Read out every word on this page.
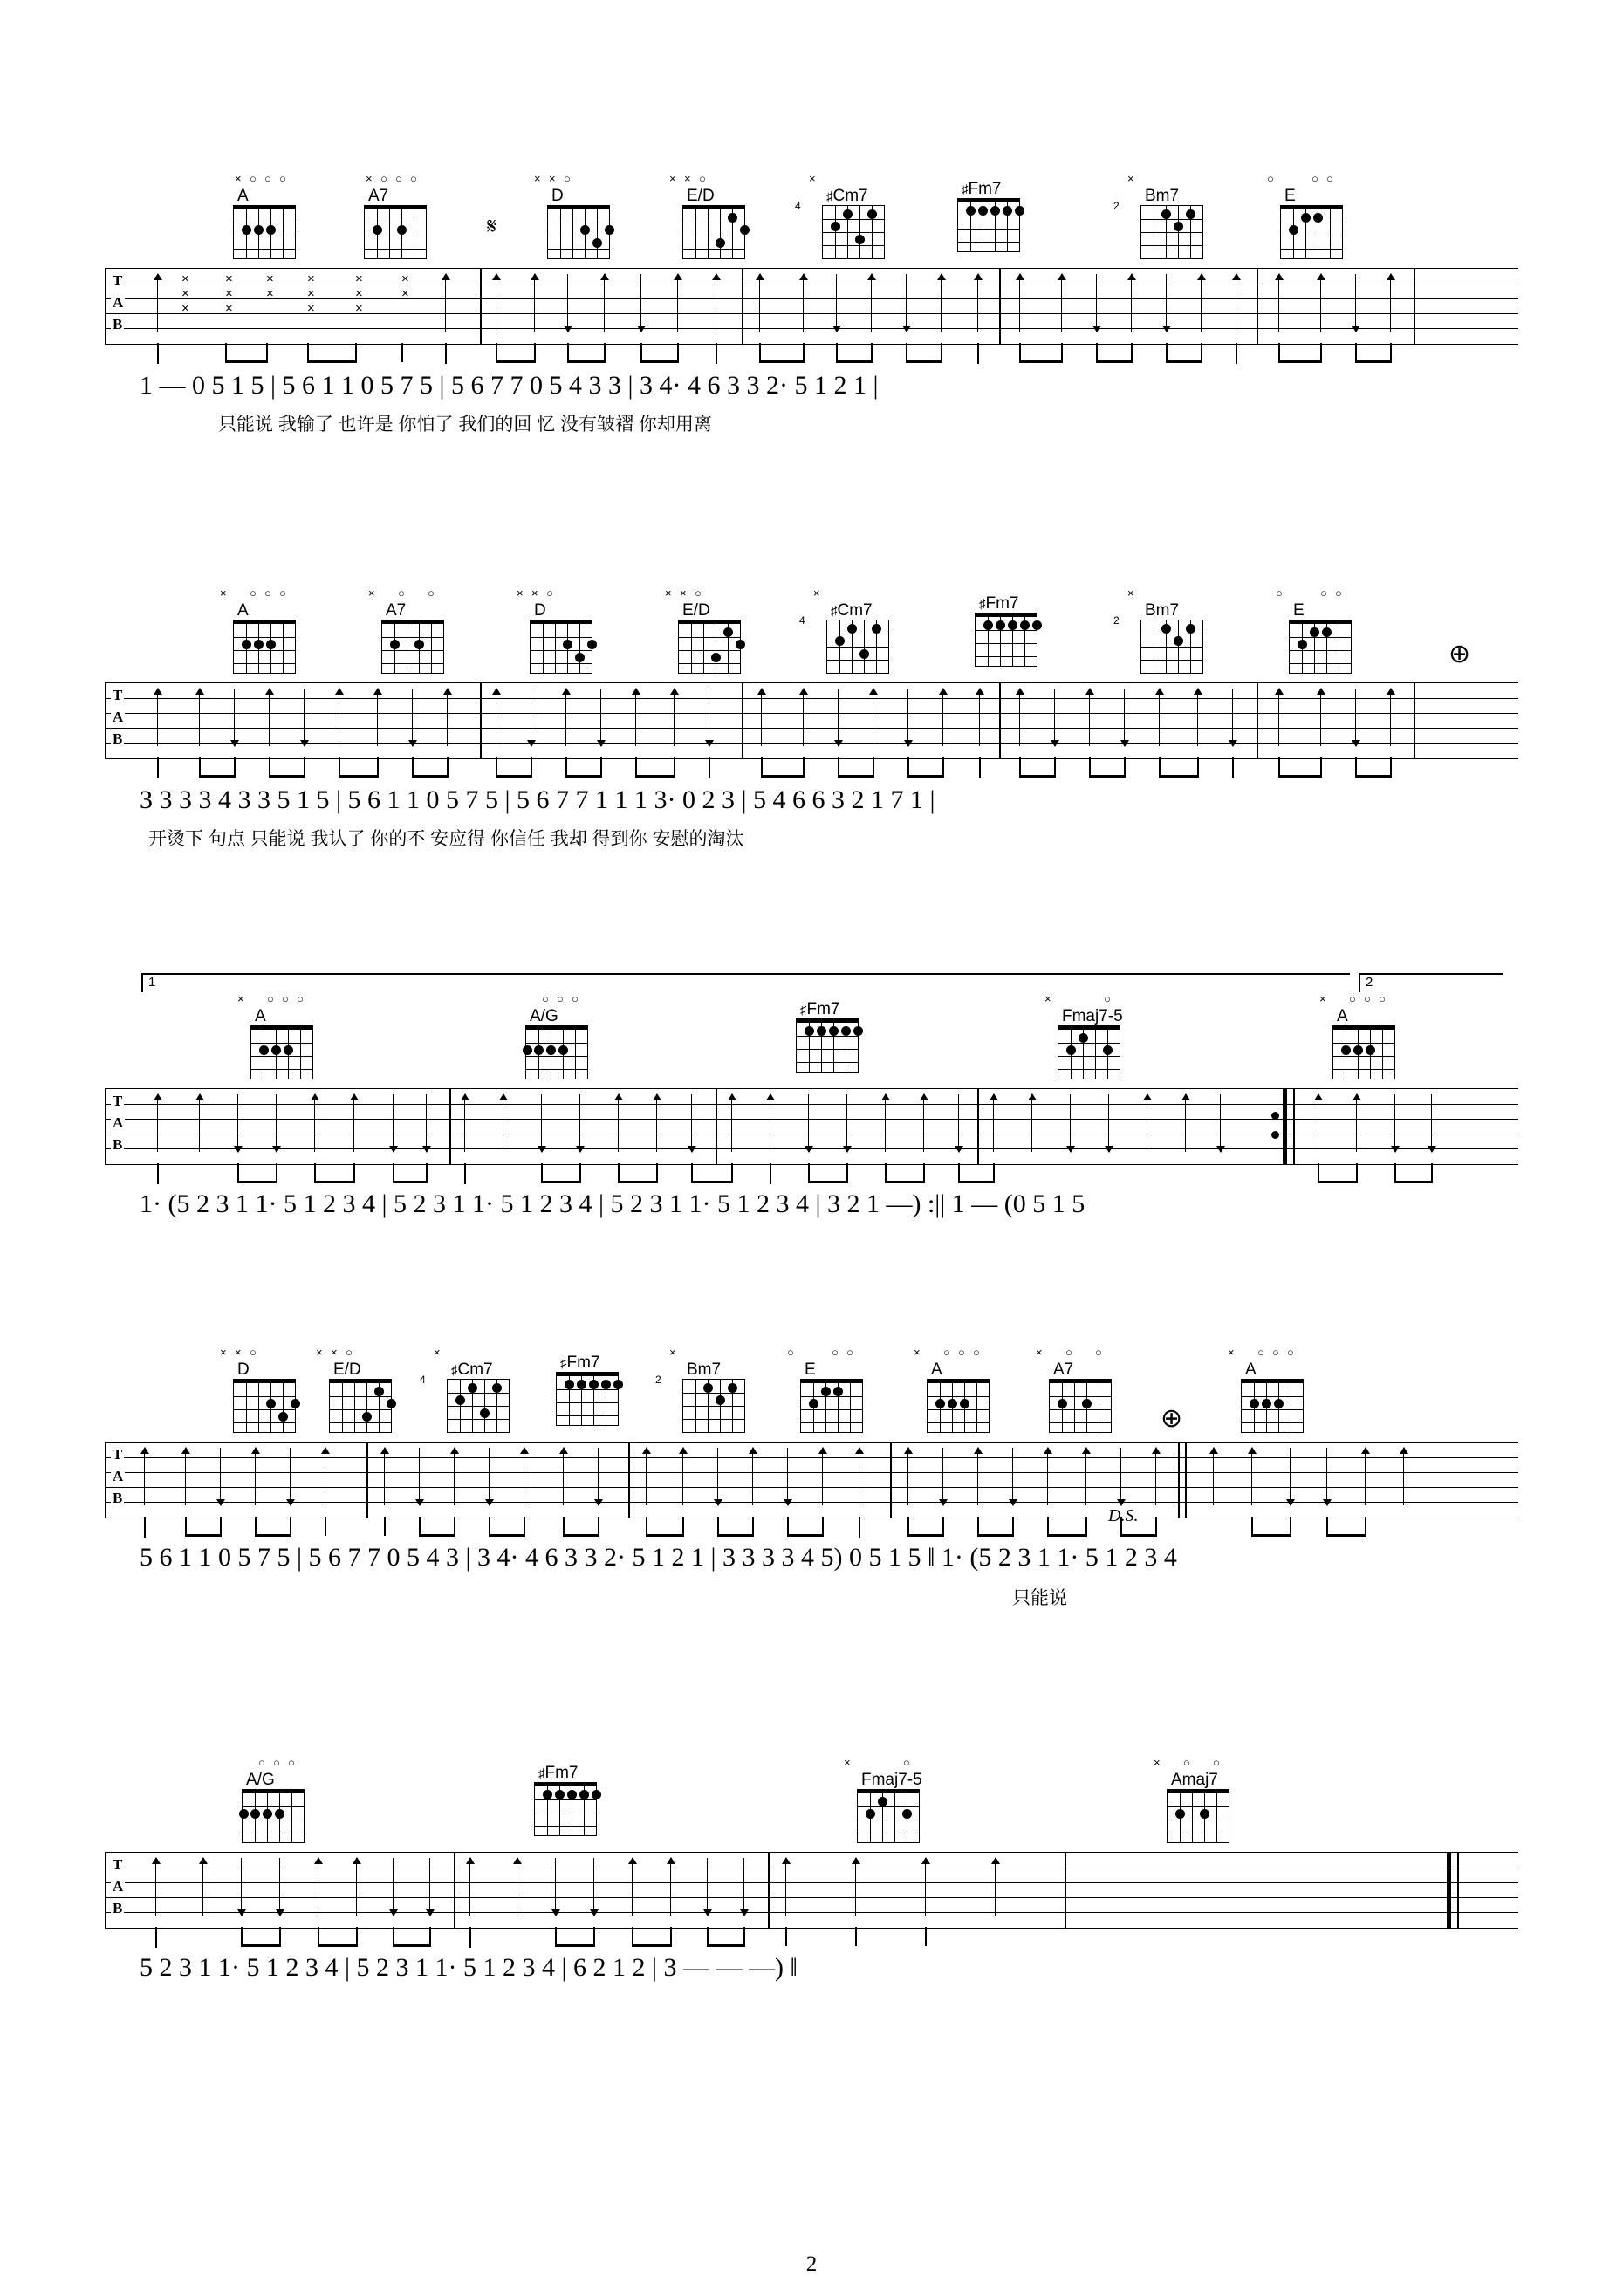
A
× ○ ○ ○
A7
× ○ ○ ○
D
× × ○
E/D
× × ○
♯Cm7
×
4
♯Fm7	Bm7
×
2
E
○	○ ○
𝄋
T
A
B
×
×
×
×
×
×
×
×
×
×
×
×
×
×
×
×
1 — 0 5 1 5 | 5 6 1 1 0 5 7 5 | 5 6 7 7 0 5 4 3 3 | 3 4· 4 6 3 3 2· 5 1 2 1 |
只能说 我输了 也许是 你怕了 我们的回 忆 没有皱褶 你却用离
A
× ○ ○ ○
A7
× ○ ○
D
× × ○
E/D
× × ○
♯Cm7
×
4
♯Fm7	Bm7
×
2
E
○	○ ○
⊕
T
A
B
3 3 3 3 4 3 3 5 1 5 | 5 6 1 1 0 5 7 5 | 5 6 7 7 1 1 1 3· 0 2 3 | 5 4 6 6 3 2 1 7 1 |
开烫下 句点 只能说 我认了 你的不 安应得 你信任 我却 得到你 安慰的淘汰
1	2
A
× ○ ○ ○
A/G
○ ○ ○
♯Fm7	Fmaj7-5
×	○
A
× ○ ○ ○
T
A
B
1· (5 2 3 1 1· 5 1 2 3 4 | 5 2 3 1 1· 5 1 2 3 4 | 5 2 3 1 1· 5 1 2 3 4 | 3 2 1 —) :|| 1 — (0 5 1 5
D
× × ○
E/D
× × ○
♯Cm7
×
4
♯Fm7	Bm7
×
2
E
○	○ ○
A
× ○ ○ ○
A7
× ○ ○
⊕
A
× ○ ○ ○
T
A
B
D.S.
5 6 1 1 0 5 7 5 | 5 6 7 7 0 5 4 3 | 3 4· 4 6 3 3 2· 5 1 2 1 | 3 3 3 3 4 5) 0 5 1 5 ‖ 1· (5 2 3 1 1· 5 1 2 3 4
只能说
A/G
○ ○ ○
♯Fm7	Fmaj7-5
×	○
Amaj7
× ○ ○
T
A
B
5 2 3 1 1· 5 1 2 3 4 | 5 2 3 1 1· 5 1 2 3 4 | 6 2 1 2 | 3 — — —) ‖
2
